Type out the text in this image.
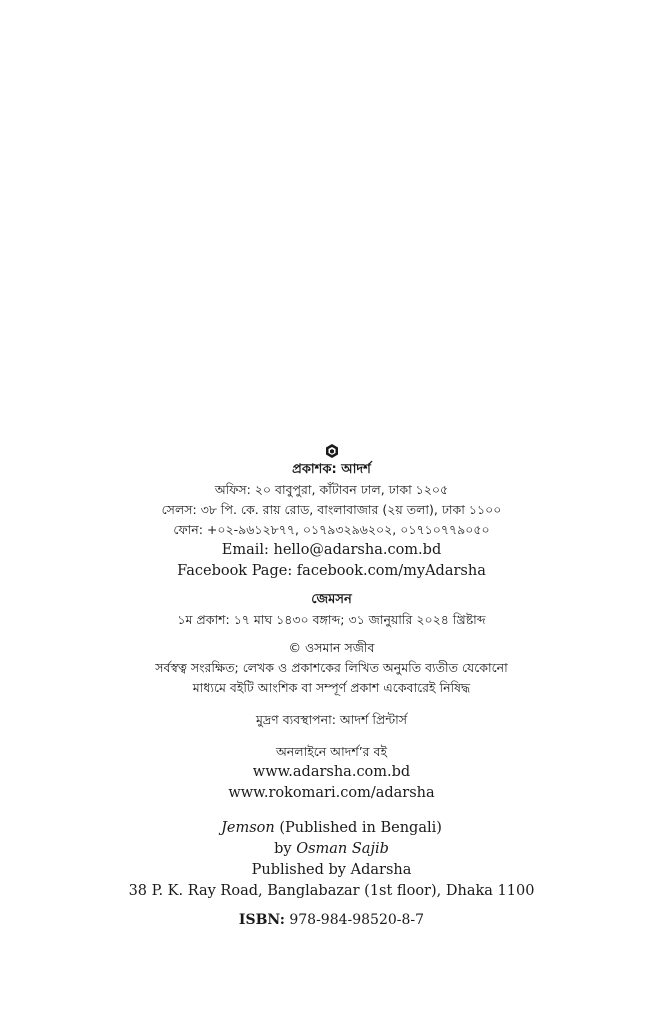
প্রকাশক: আদর্শ

অফিস: ২০ বাবুপুরা, কাঁটাবন ঢাল, ঢাকা ১২০৫

সেলস: ৩৮ পি. কে. রায় রোড, বাংলাবাজার (২য় তলা), ঢাকা ১১০০

ফোন: +০২-৯৬১২৮৭৭, ০১৭৯৩২৯৬২০২, ০১৭১০৭৭৯০৫০

Email: hello@adarsha.com.bd

Facebook Page: facebook.com/myAdarsha

জেমসন

১ম প্রকাশ: ১৭ মাঘ ১৪৩০ বঙ্গাব্দ; ৩১ জানুয়ারি ২০২৪ খ্রিষ্টাব্দ

© ওসমান সজীব

সর্বস্বত্ব সংরক্ষিত; লেখক ও প্রকাশকের লিখিত অনুমতি ব্যতীত যেকোনো

মাধ্যমে বইটি আংশিক বা সম্পূর্ণ প্রকাশ একেবারেই নিষিদ্ধ

মুদ্রণ ব্যবস্থাপনা: আদর্শ প্রিন্টার্স

অনলাইনে আদর্শ’র বই

www.adarsha.com.bd

www.rokomari.com/adarsha

Jemson (Published in Bengali)

by Osman Sajib

Published by Adarsha

38 P. K. Ray Road, Banglabazar (1st floor), Dhaka 1100

ISBN: 978-984-98520-8-7
